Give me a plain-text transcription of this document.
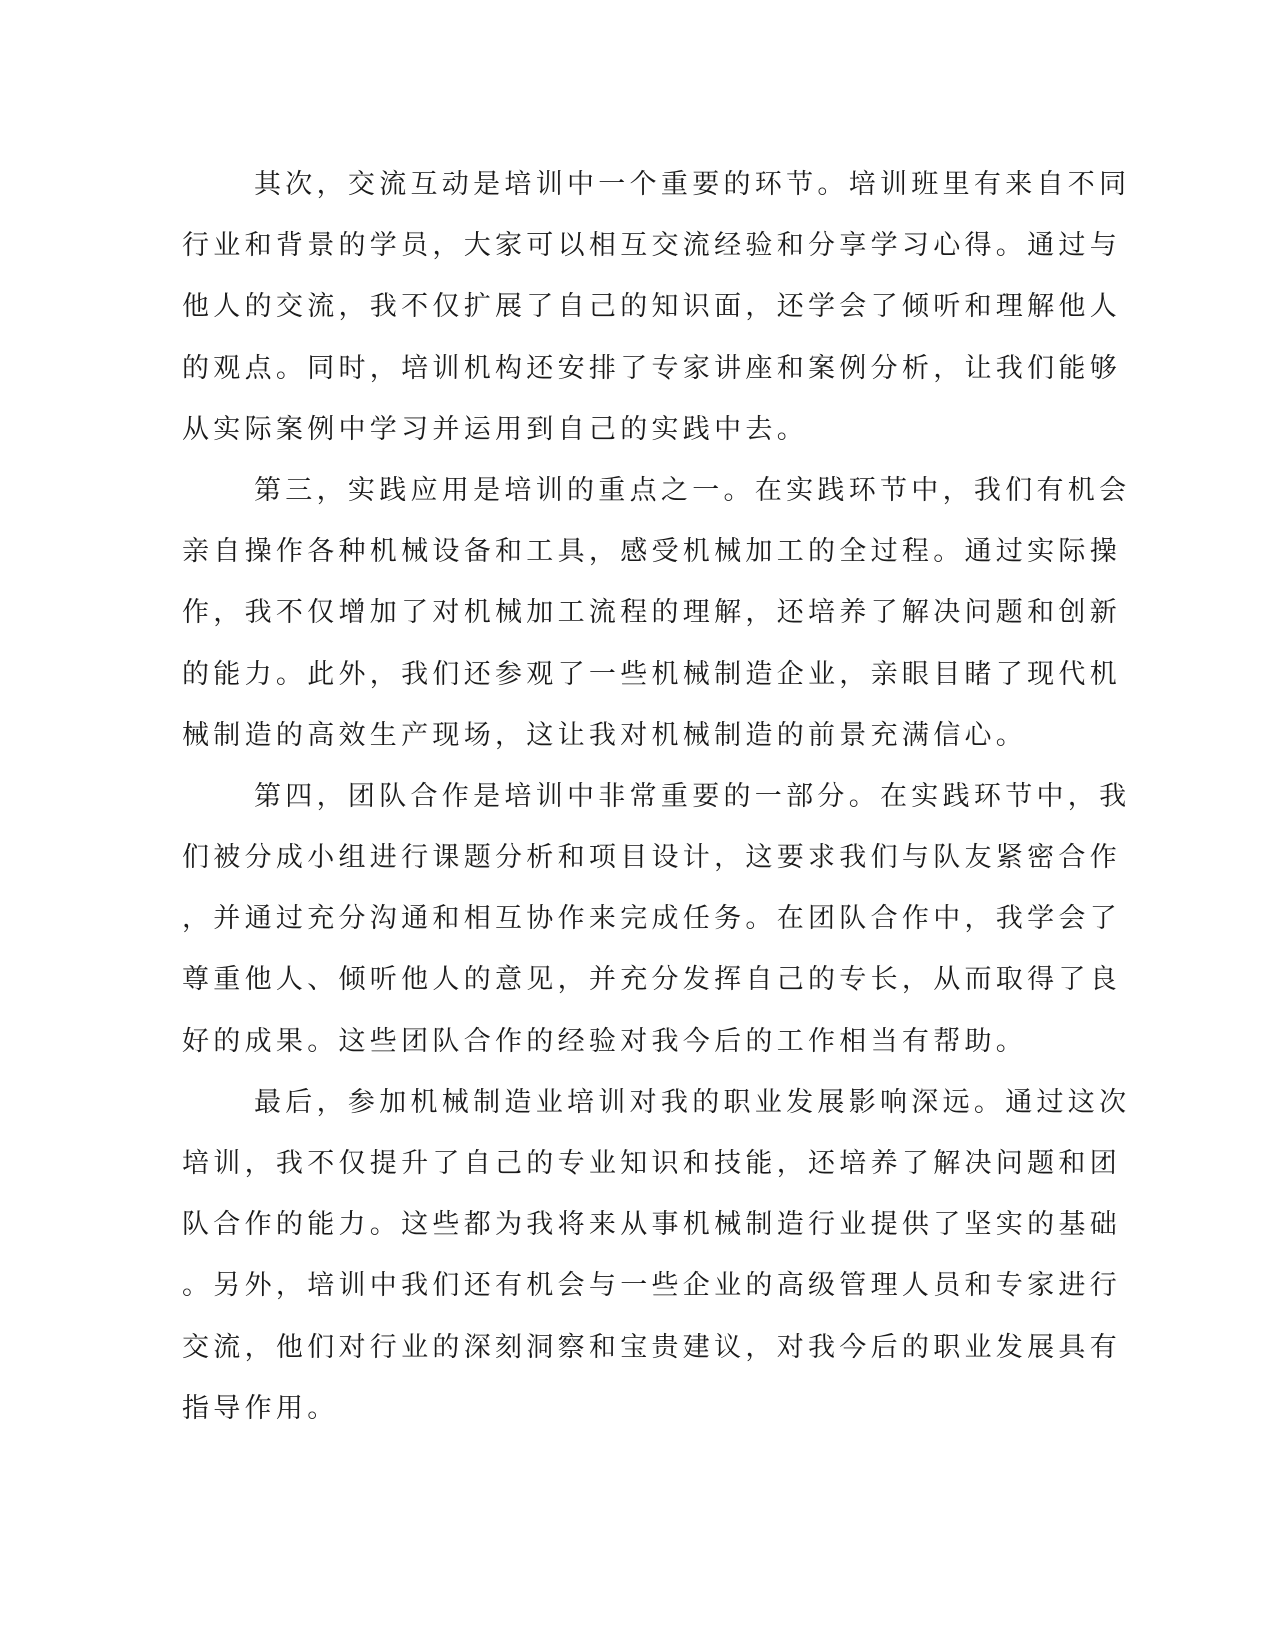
其次，交流互动是培训中一个重要的环节。培训班里有来自不同
行业和背景的学员，大家可以相互交流经验和分享学习心得。通过与
他人的交流，我不仅扩展了自己的知识面，还学会了倾听和理解他人
的观点。同时，培训机构还安排了专家讲座和案例分析，让我们能够
从实际案例中学习并运用到自己的实践中去。
第三，实践应用是培训的重点之一。在实践环节中，我们有机会
亲自操作各种机械设备和工具，感受机械加工的全过程。通过实际操
作，我不仅增加了对机械加工流程的理解，还培养了解决问题和创新
的能力。此外，我们还参观了一些机械制造企业，亲眼目睹了现代机
械制造的高效生产现场，这让我对机械制造的前景充满信心。
第四，团队合作是培训中非常重要的一部分。在实践环节中，我
们被分成小组进行课题分析和项目设计，这要求我们与队友紧密合作
，并通过充分沟通和相互协作来完成任务。在团队合作中，我学会了
尊重他人、倾听他人的意见，并充分发挥自己的专长，从而取得了良
好的成果。这些团队合作的经验对我今后的工作相当有帮助。
最后，参加机械制造业培训对我的职业发展影响深远。通过这次
培训，我不仅提升了自己的专业知识和技能，还培养了解决问题和团
队合作的能力。这些都为我将来从事机械制造行业提供了坚实的基础
。另外，培训中我们还有机会与一些企业的高级管理人员和专家进行
交流，他们对行业的深刻洞察和宝贵建议，对我今后的职业发展具有
指导作用。
